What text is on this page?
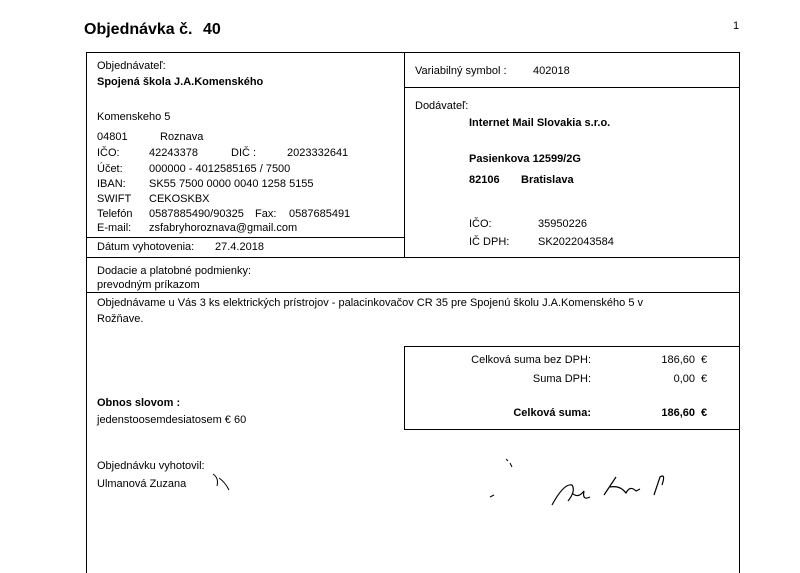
Objednávka č. 40	1
Objednávateľ:
Spojená škola J.A.Komenského
Komenskeho 5
04801	Roznava
IČO:	42243378	DIČ :	2023332641
Účet: 000000 - 4012585165 / 7500
IBAN: SK55 7500 0000 0040 1258 5155
SWIFT CEKOSKBX
Telefón 0587885490/90325 Fax: 0587685491
E-mail: zsfabryhoroznava@gmail.com
Dátum vyhotovenia: 27.4.2018
Variabilný symbol : 402018
Dodávateľ:
Internet Mail Slovakia s.r.o.
Pasienkova 12599/2G
82106 Bratislava
IČO:	35950226
IČ DPH:	SK2022043584
Dodacie a platobné podmienky:
prevodným príkazom
Objednávame u Vás 3 ks elektrických prístrojov - palacinkovačov CR 35 pre Spojenú školu J.A.Komenského 5 v
Rožňave.
Celková suma bez DPH:	186,60 €
Suma DPH:	0,00 €
Celková suma:	186,60 €
Obnos slovom :
jedenstoosemdesiatosem € 60
Objednávku vyhotovil:
Ulmanová Zuzana
